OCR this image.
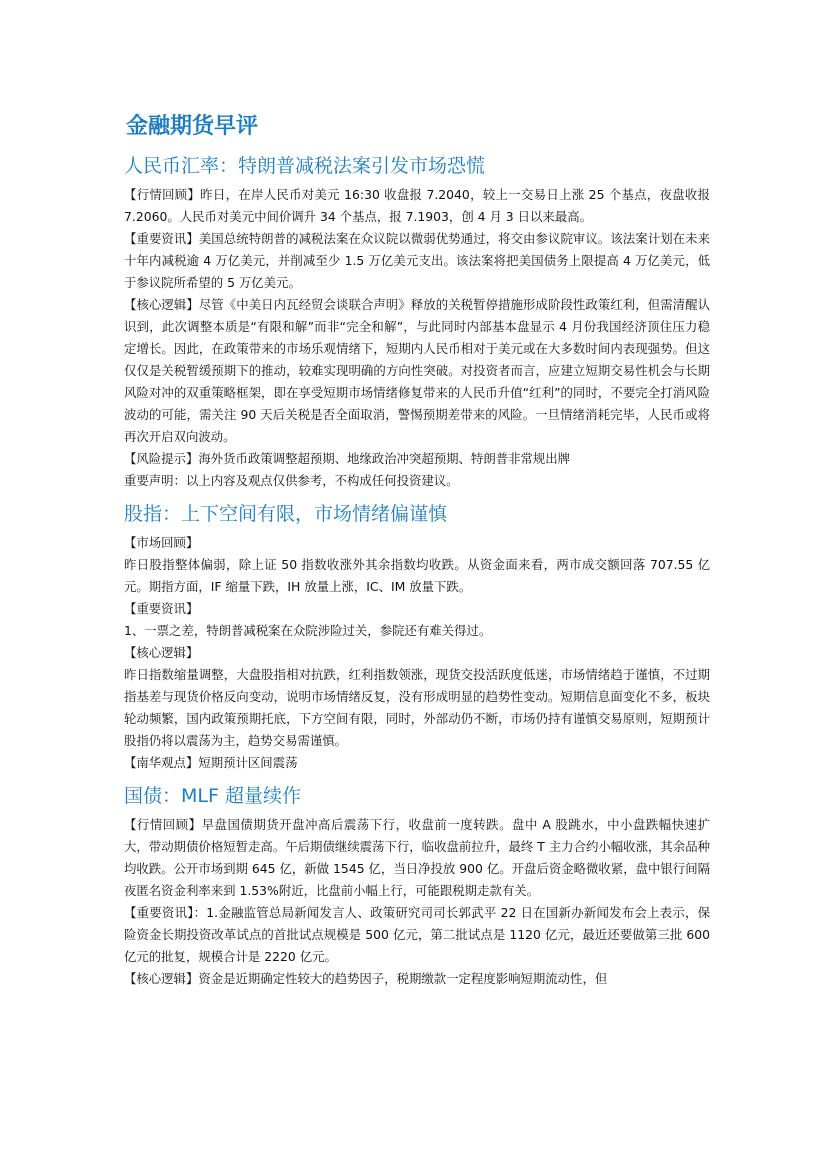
金融期货早评
人民币汇率：特朗普减税法案引发市场恐慌

【行情回顾】昨日，在岸人民币对美元 16:30 收盘报 7.2040，较上一交易日上涨 25 个基点，夜盘收报 7.2060。人民币对美元中间价调升 34 个基点，报 7.1903，创 4 月 3 日以来最高。

【重要资讯】美国总统特朗普的减税法案在众议院以微弱优势通过，将交由参议院审议。该法案计划在未来十年内减税逾 4 万亿美元，并削减至少 1.5 万亿美元支出。该法案将把美国债务上限提高 4 万亿美元，低于参议院所希望的 5 万亿美元。

【核心逻辑】尽管《中美日内瓦经贸会谈联合声明》释放的关税暂停措施形成阶段性政策红利，但需清醒认识到，此次调整本质是“有限和解”而非“完全和解”，与此同时内部基本盘显示 4 月份我国经济顶住压力稳定增长。因此，在政策带来的市场乐观情绪下，短期内人民币相对于美元或在大多数时间内表现强势。但这仅仅是关税暂缓预期下的推动，较难实现明确的方向性突破。对投资者而言，应建立短期交易性机会与长期风险对冲的双重策略框架，即在享受短期市场情绪修复带来的人民币升值“红利”的同时，不要完全打消风险波动的可能，需关注 90 天后关税是否全面取消，警惕预期差带来的风险。一旦情绪消耗完毕，人民币或将再次开启双向波动。

【风险提示】海外货币政策调整超预期、地缘政治冲突超预期、特朗普非常规出牌

重要声明：以上内容及观点仅供参考，不构成任何投资建议。

股指：上下空间有限，市场情绪偏谨慎

【市场回顾】

昨日股指整体偏弱，除上证 50 指数收涨外其余指数均收跌。从资金面来看，两市成交额回落 707.55 亿元。期指方面，IF 缩量下跌，IH 放量上涨，IC、IM 放量下跌。

【重要资讯】

1、一票之差，特朗普减税案在众院涉险过关，参院还有难关得过。

【核心逻辑】

昨日指数缩量调整，大盘股指相对抗跌，红利指数领涨，现货交投活跃度低迷，市场情绪趋于谨慎，不过期指基差与现货价格反向变动，说明市场情绪反复，没有形成明显的趋势性变动。短期信息面变化不多，板块轮动频繁，国内政策预期托底，下方空间有限，同时，外部动仍不断，市场仍持有谨慎交易原则，短期预计股指仍将以震荡为主，趋势交易需谨慎。

【南华观点】短期预计区间震荡

国债：MLF 超量续作

【行情回顾】早盘国债期货开盘冲高后震荡下行，收盘前一度转跌。盘中 A 股跳水，中小盘跌幅快速扩大，带动期债价格短暂走高。午后期债继续震荡下行，临收盘前拉升，最终 T 主力合约小幅收涨，其余品种均收跌。公开市场到期 645 亿，新做 1545 亿，当日净投放 900 亿。开盘后资金略微收紧，盘中银行间隔夜匿名资金利率来到 1.53%附近，比盘前小幅上行，可能跟税期走款有关。

【重要资讯】：1.金融监管总局新闻发言人、政策研究司司长郭武平 22 日在国新办新闻发布会上表示，保险资金长期投资改革试点的首批试点规模是 500 亿元，第二批试点是 1120 亿元，最近还要做第三批 600 亿元的批复，规模合计是 2220 亿元。

【核心逻辑】资金是近期确定性较大的趋势因子，税期缴款一定程度影响短期流动性，但
